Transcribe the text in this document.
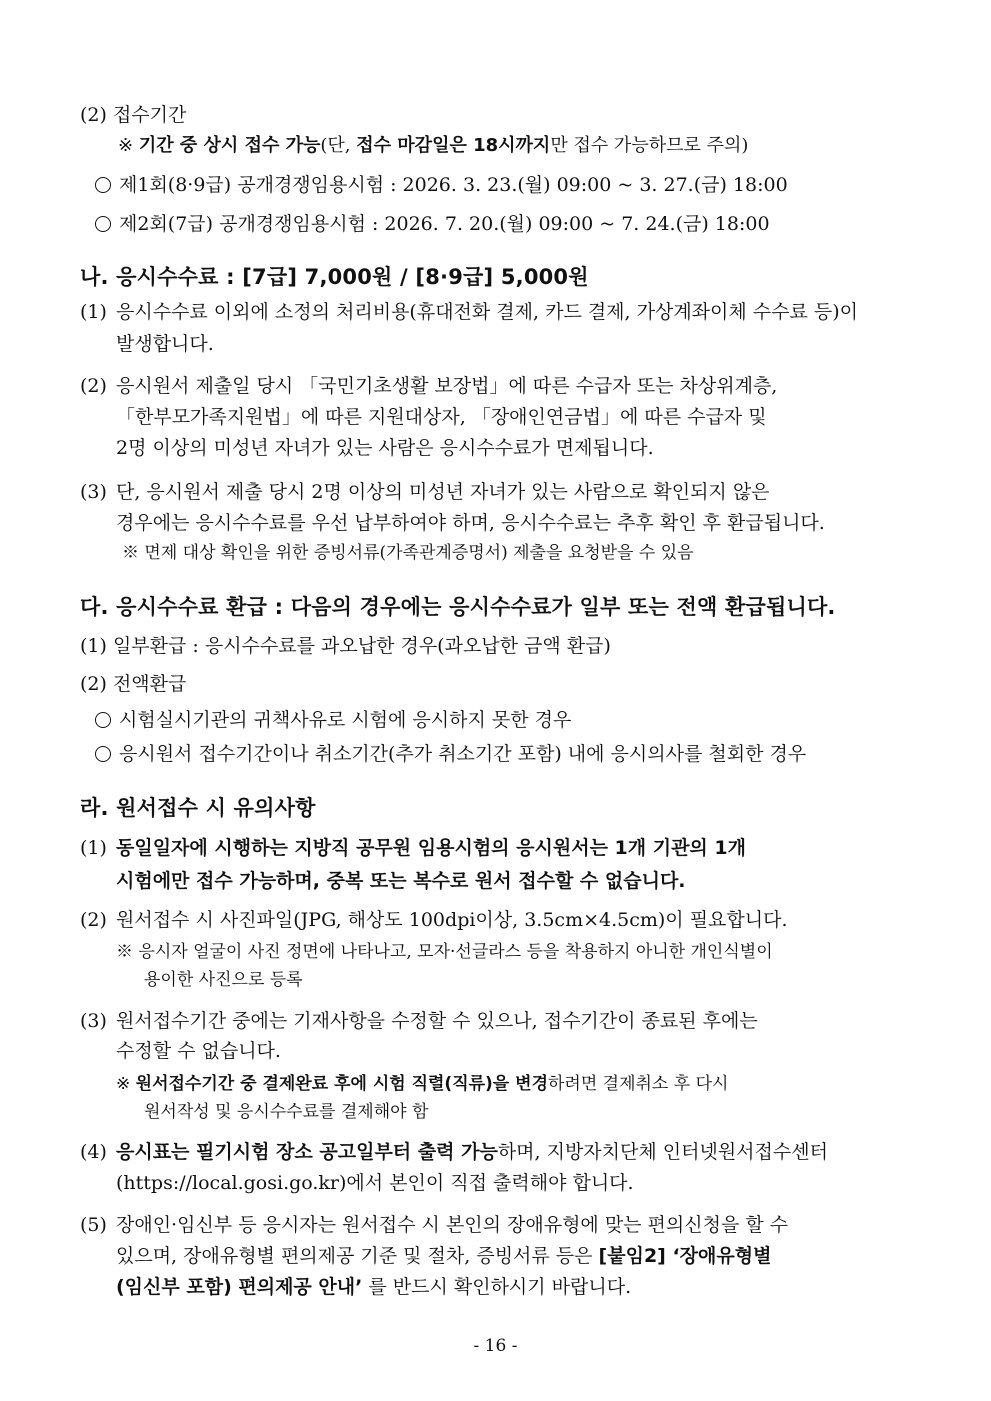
(2) 접수기간
※ 기간 중 상시 접수 가능(단, 접수 마감일은 18시까지만 접수 가능하므로 주의)
제1회(8·9급) 공개경쟁임용시험 : 2026. 3. 23.(월) 09:00 ~ 3. 27.(금) 18:00
제2회(7급) 공개경쟁임용시험 : 2026. 7. 20.(월) 09:00 ~ 7. 24.(금) 18:00
나. 응시수수료 : [7급] 7,000원 / [8·9급] 5,000원
(1) 응시수수료 이외에 소정의 처리비용(휴대전화 결제, 카드 결제, 가상계좌이체 수수료 등)이
발생합니다.
(2) 응시원서 제출일 당시 「국민기초생활 보장법」에 따른 수급자 또는 차상위계층,
「한부모가족지원법」에 따른 지원대상자, 「장애인연금법」에 따른 수급자 및
2명 이상의 미성년 자녀가 있는 사람은 응시수수료가 면제됩니다.
(3) 단, 응시원서 제출 당시 2명 이상의 미성년 자녀가 있는 사람으로 확인되지 않은
경우에는 응시수수료를 우선 납부하여야 하며, 응시수수료는 추후 확인 후 환급됩니다.
※ 면제 대상 확인을 위한 증빙서류(가족관계증명서) 제출을 요청받을 수 있음
다. 응시수수료 환급 : 다음의 경우에는 응시수수료가 일부 또는 전액 환급됩니다.
(1) 일부환급 : 응시수수료를 과오납한 경우(과오납한 금액 환급)
(2) 전액환급
시험실시기관의 귀책사유로 시험에 응시하지 못한 경우
응시원서 접수기간이나 취소기간(추가 취소기간 포함) 내에 응시의사를 철회한 경우
라. 원서접수 시 유의사항
(1) 동일일자에 시행하는 지방직 공무원 임용시험의 응시원서는 1개 기관의 1개
시험에만 접수 가능하며, 중복 또는 복수로 원서 접수할 수 없습니다.
(2) 원서접수 시 사진파일(JPG, 해상도 100dpi이상, 3.5cm×4.5cm)이 필요합니다.
※ 응시자 얼굴이 사진 정면에 나타나고, 모자·선글라스 등을 착용하지 아니한 개인식별이
용이한 사진으로 등록
(3) 원서접수기간 중에는 기재사항을 수정할 수 있으나, 접수기간이 종료된 후에는
수정할 수 없습니다.
※ 원서접수기간 중 결제완료 후에 시험 직렬(직류)을 변경하려면 결제취소 후 다시
원서작성 및 응시수수료를 결제해야 함
(4) 응시표는 필기시험 장소 공고일부터 출력 가능하며, 지방자치단체 인터넷원서접수센터
(https://local.gosi.go.kr)에서 본인이 직접 출력해야 합니다.
(5) 장애인·임신부 등 응시자는 원서접수 시 본인의 장애유형에 맞는 편의신청을 할 수
있으며, 장애유형별 편의제공 기준 및 절차, 증빙서류 등은 [붙임2] ‘장애유형별
(임신부 포함) 편의제공 안내’ 를 반드시 확인하시기 바랍니다.
- 16 -
